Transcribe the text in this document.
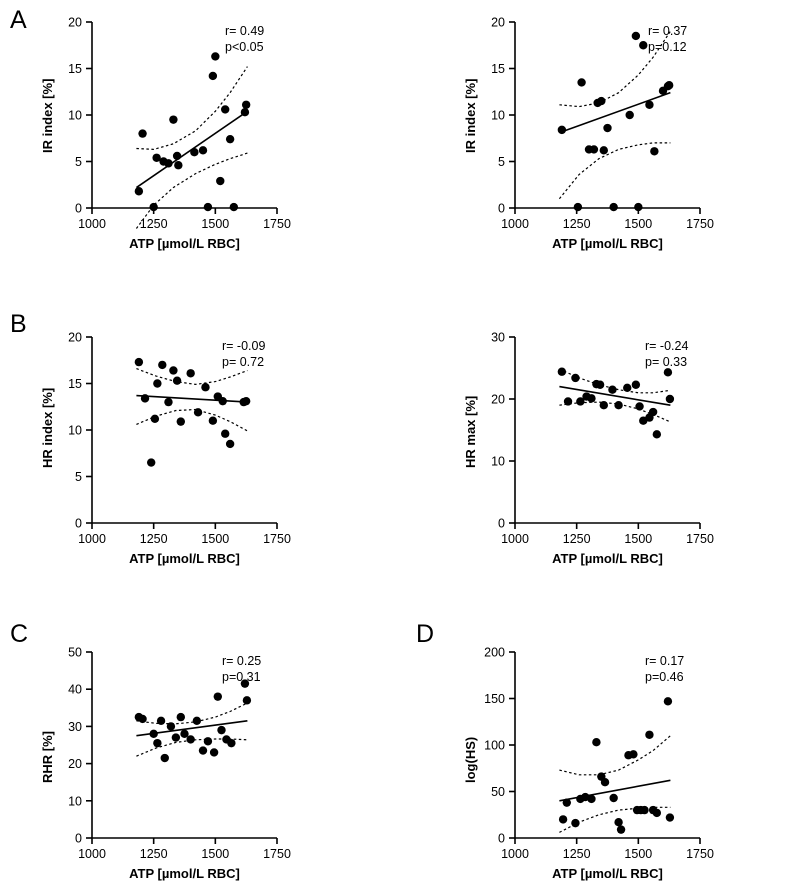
A
1000	1250	1500	1750
0
5
10
15
20
IR index [%]
ATP [µmol/L RBC]
r= 0.49
p<0.05
1000	1250	1500	1750
0
5
10
15
20
IR index [%]
ATP [µmol/L RBC]
r= 0.37
p=0.12
B
1000	1250	1500	1750
0
5
10
15
20
HR index [%]
ATP [µmol/L RBC]
r= -0.09
p= 0.72
1000	1250	1500	1750
0
10
20
30
HR max [%]
ATP [µmol/L RBC]
r= -0.24
p= 0.33
C
1000	1250	1500	1750
0
10
20
30
40
50
RHR [%]
ATP [µmol/L RBC]
r= 0.25
p=0.31
D
1000	1250	1500	1750
0
50
100
150
200
log(HS)
ATP [µmol/L RBC]
r= 0.17
p=0.46
